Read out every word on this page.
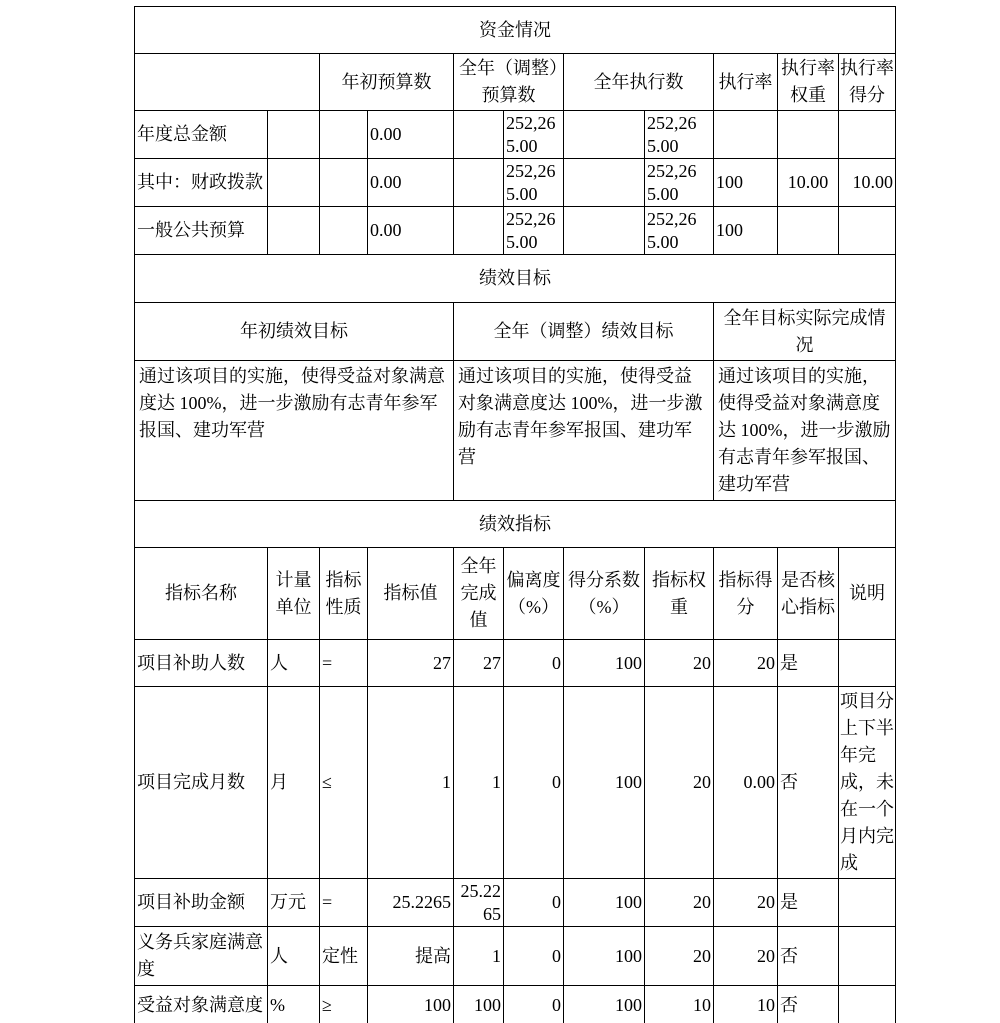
资金情况										
		年初预算数		全年（调整）预算数		全年执行数		执行率	执行率权重	执行率得分
年度总金额			0.00		252,265.00		252,265.00			
其中：财政拨款			0.00		252,265.00		252,265.00	100	10.00	10.00
一般公共预算			0.00		252,265.00		252,265.00	100		
绩效目标										
年初绩效目标				全年（调整）绩效目标				全年目标实际完成情况		
通过该项目的实施，使得受益对象满意度达 100%，进一步激励有志青年参军报国、建功军营				通过该项目的实施，使得受益对象满意度达 100%，进一步激励有志青年参军报国、建功军营				通过该项目的实施，使得受益对象满意度达 100%，进一步激励有志青年参军报国、建功军营		
绩效指标										
指标名称	计量单位	指标性质	指标值	全年完成值	偏离度（%）	得分系数（%）	指标权重	指标得分	是否核心指标	说明
项目补助人数	人	=	27	27	0	100	20	20	是	
项目完成月数	月	≤	1	1	0	100	20	0.00	否	项目分上下半年完成，未在一个月内完成
项目补助金额	万元	=	25.2265	25.2265	0	100	20	20	是	
义务兵家庭满意度	人	定性	提高	1	0	100	20	20	否	
受益对象满意度	%	≥	100	100	0	100	10	10	否	
